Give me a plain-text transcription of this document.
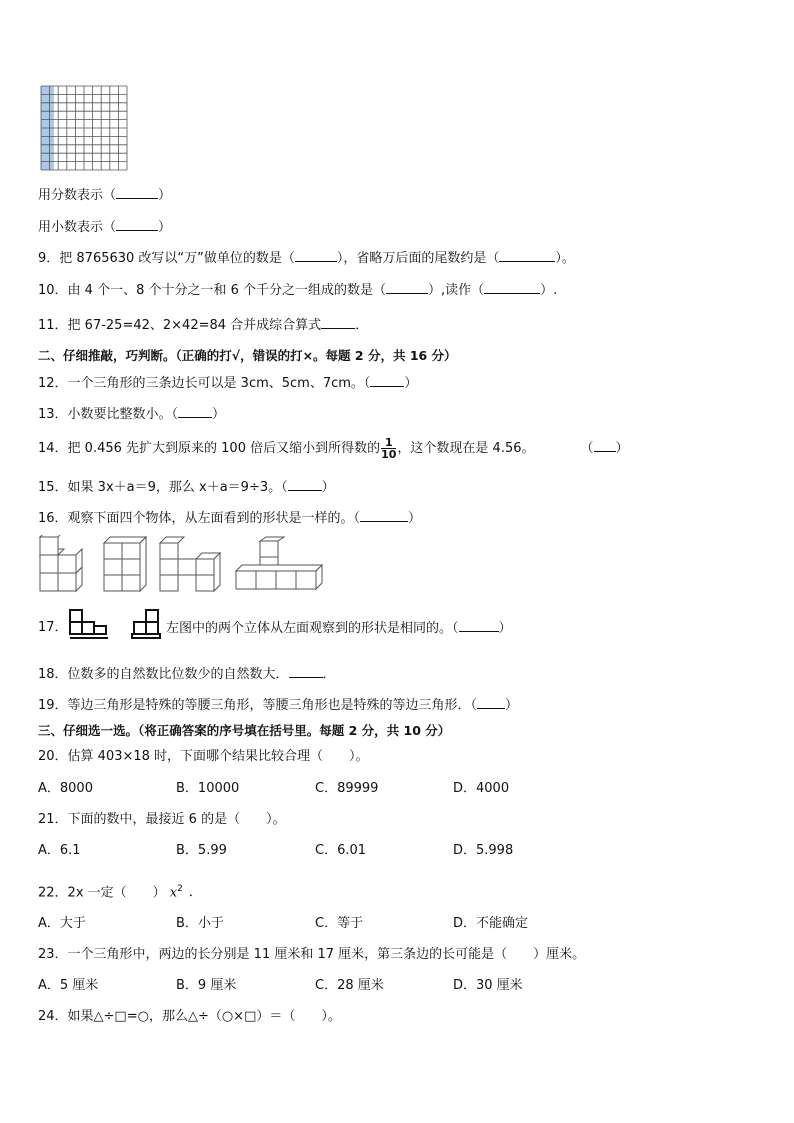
用分数表示（	）
用小数表示（	）
9．把 8765630 改写以“万”做单位的数是（	），省略万后面的尾数约是（	）。
10．由 4 个一、8 个十分之一和 6 个千分之一组成的数是（	）,读作（	）.
11．把 67-25=42、2×42=84 合并成综合算式	．
二、仔细推敲，巧判断。（正确的打√，错误的打×。每题 2 分，共 16 分）
12．一个三角形的三条边长可以是 3cm、5cm、7cm。（	）
13．小数要比整数小。（	）
14．把 0.456 先扩大到原来的 100 倍后又缩小到所得数的 $\frac{1}{10}$ ，这个数现在是 4.56。	（ ）
15．如果 3x＋a＝9，那么 x＋a＝9÷3。（	）
16．观察下面四个物体，从左面看到的形状是一样的。（	）
17．	左图中的两个立体从左面观察到的形状是相同的。（	）
18．位数多的自然数比位数少的自然数大．	．
19．等边三角形是特殊的等腰三角形，等腰三角形也是特殊的等边三角形．（ ）
三、仔细选一选。（将正确答案的序号填在括号里。每题 2 分，共 10 分）
20．估算 403×18 时，下面哪个结果比较合理（　　）。
A．8000	B．10000	C．89999	D．4000
21．下面的数中，最接近 6 的是（　　）。
A．6.1	B．5.99	C．6.01	D．5.998
22．2x 一定（　　） $x^2$ ．
A．大于	B．小于	C．等于	D．不能确定
23．一个三角形中，两边的长分别是 11 厘米和 17 厘米，第三条边的长可能是（　　）厘米。
A．5 厘米	B．9 厘米	C．28 厘米	D．30 厘米
24．如果△÷□=○，那么△÷（○×□）＝（　　）。
